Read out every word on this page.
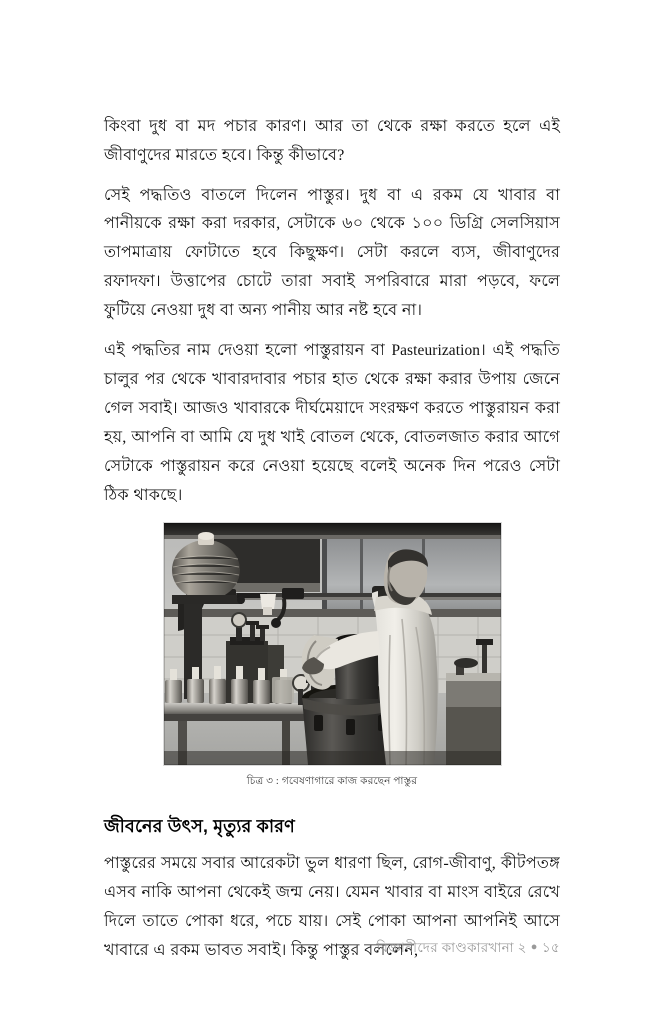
কিংবা দুধ বা মদ পচার কারণ। আর তা থেকে রক্ষা করতে হলে এই জীবাণুদের মারতে হবে। কিন্তু কীভাবে?

সেই পদ্ধতিও বাতলে দিলেন পাস্তুর। দুধ বা এ রকম যে খাবার বা পানীয়কে রক্ষা করা দরকার, সেটাকে ৬০ থেকে ১০০ ডিগ্রি সেলসিয়াস তাপমাত্রায় ফোটাতে হবে কিছুক্ষণ। সেটা করলে ব্যস, জীবাণুদের রফাদফা। উত্তাপের চোটে তারা সবাই সপরিবারে মারা পড়বে, ফলে ফুটিয়ে নেওয়া দুধ বা অন্য পানীয় আর নষ্ট হবে না।

এই পদ্ধতির নাম দেওয়া হলো পাস্তুরায়ন বা Pasteurization। এই পদ্ধতি চালুর পর থেকে খাবারদাবার পচার হাত থেকে রক্ষা করার উপায় জেনে গেল সবাই। আজও খাবারকে দীর্ঘমেয়াদে সংরক্ষণ করতে পাস্তুরায়ন করা হয়, আপনি বা আমি যে দুধ খাই বোতল থেকে, বোতলজাত করার আগে সেটাকে পাস্তুরায়ন করে নেওয়া হয়েছে বলেই অনেক দিন পরেও সেটা ঠিক থাকছে।

চিত্র ৩ : গবেষণাগারে কাজ করছেন পাস্তুর
জীবনের উৎস, মৃত্যুর কারণ

পাস্তুরের সময়ে সবার আরেকটা ভুল ধারণা ছিল, রোগ-জীবাণু, কীটপতঙ্গ এসব নাকি আপনা থেকেই জন্ম নেয়। যেমন খাবার বা মাংস বাইরে রেখে দিলে তাতে পোকা ধরে, পচে যায়। সেই পোকা আপনা আপনিই আসে খাবারে এ রকম ভাবত সবাই। কিন্তু পাস্তুর বললেন,

বিজ্ঞানীদের কাণ্ডকারখানা ২ ● ১৫
